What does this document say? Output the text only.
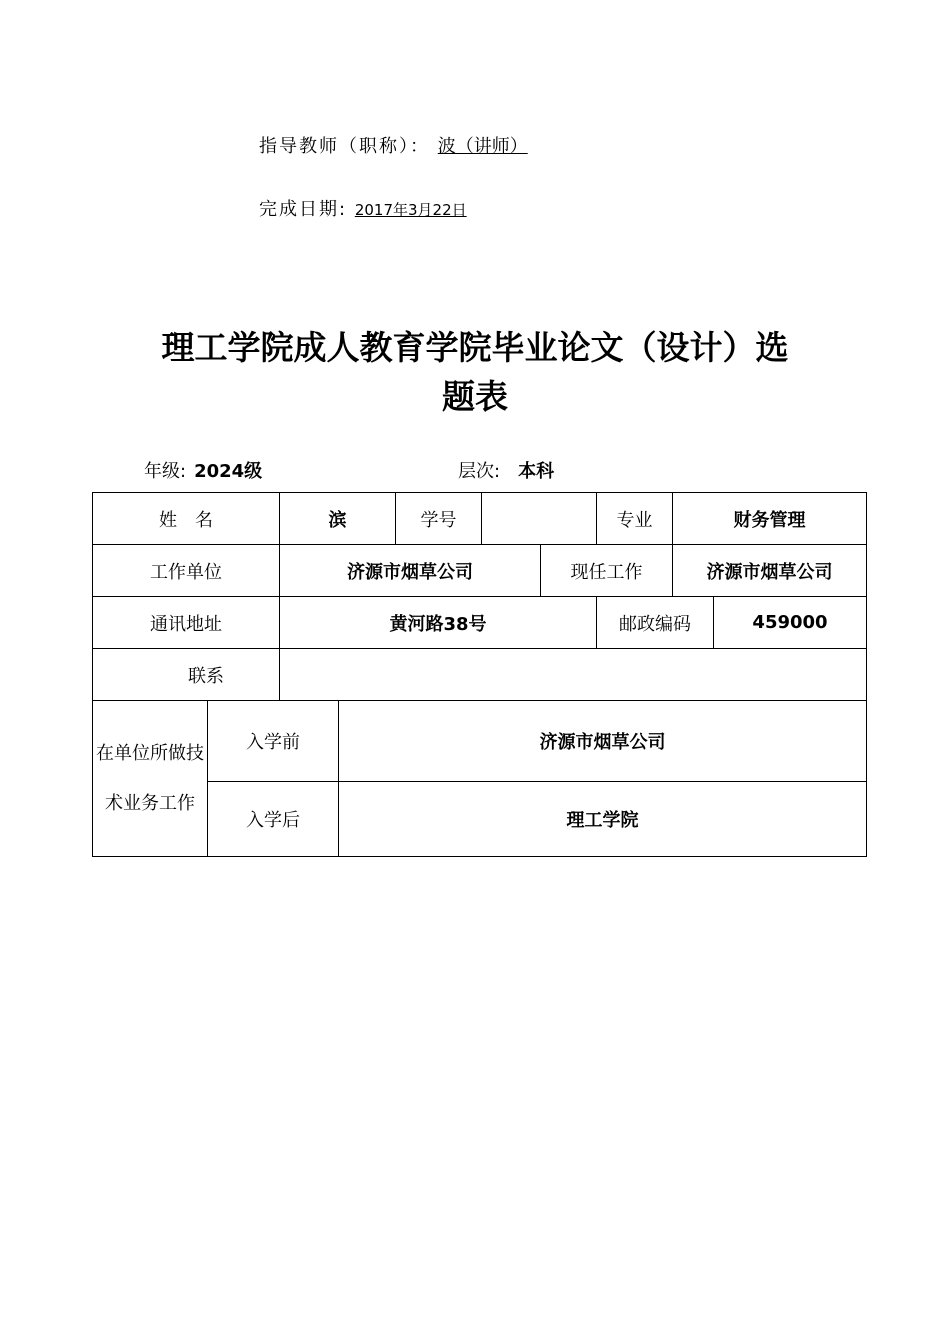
指导教师（职称）： 波（讲师）
完成日期: 2017年3月22日
理工学院成人教育学院毕业论文（设计）选
题表
年级: 2024级	层次: 本科
姓　名		滨		学号			专业	财务管理	
工作单位		济源市烟草公司				现任工作		济源市烟草公司	
通讯地址		黄河路38号					邮政编码		459000
联系									
在单位所做技术业务工作	入学前		济源市烟草公司						
	入学后		理工学院						
